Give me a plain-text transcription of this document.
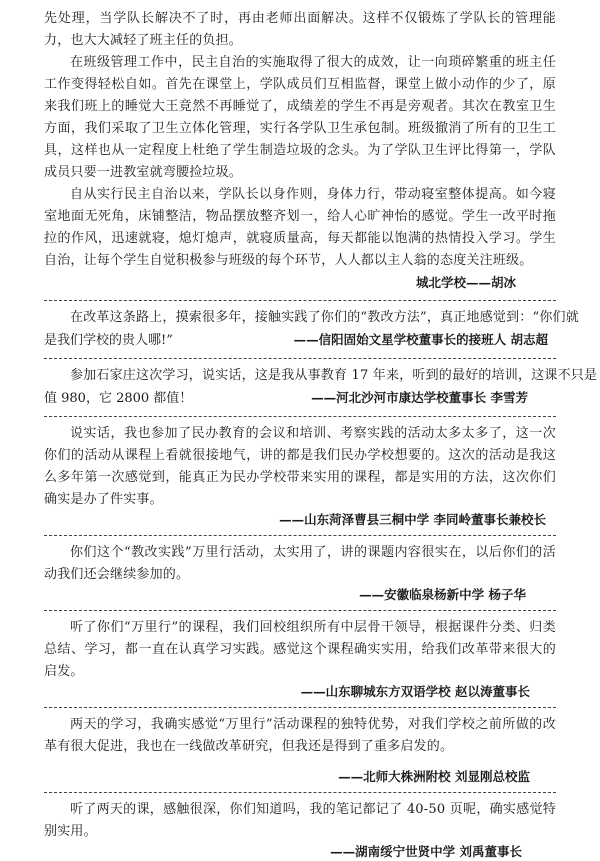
先处理，当学队长解决不了时，再由老师出面解决。这样不仅锻炼了学队长的管理能力，也大大减轻了班主任的负担。

在班级管理工作中，民主自治的实施取得了很大的成效，让一向琐碎繁重的班主任工作变得轻松自如。首先在课堂上，学队成员们互相监督，课堂上做小动作的少了，原来我们班上的睡觉大王竟然不再睡觉了，成绩差的学生不再是旁观者。其次在教室卫生方面，我们采取了卫生立体化管理，实行各学队卫生承包制。班级撤消了所有的卫生工具，这样也从一定程度上杜绝了学生制造垃圾的念头。为了学队卫生评比得第一，学队成员只要一进教室就弯腰捡垃圾。

自从实行民主自治以来，学队长以身作则，身体力行，带动寝室整体提高。如今寝室地面无死角，床铺整洁，物品摆放整齐划一，给人心旷神怡的感觉。学生一改平时拖拉的作风，迅速就寝，熄灯熄声，就寝质量高，每天都能以饱满的热情投入学习。学生自治，让每个学生自觉积极参与班级的每个环节，人人都以主人翁的态度关注班级。

城北学校——胡冰

在改革这条路上，摸索很多年，接触实践了你们的“教改方法”，真正地感觉到：“你们就

是我们学校的贵人哪!”	——信阳固始文星学校董事长的接班人 胡志超

参加石家庄这次学习，说实话，这是我从事教育 17 年来，听到的最好的培训，这课不只是

值 980，它 2800 都值！	——河北沙河市康达学校董事长 李雪芳

说实话，我也参加了民办教育的会议和培训、考察实践的活动太多太多了，这一次你们的活动从课程上看就很接地气，讲的都是我们民办学校想要的。这次的活动是我这么多年第一次感觉到，能真正为民办学校带来实用的课程，都是实用的方法，这次你们确实是办了件实事。

——山东菏泽曹县三桐中学 李同岭董事长兼校长

你们这个“教改实践”万里行活动，太实用了，讲的课题内容很实在，以后你们的活动我们还会继续参加的。

——安徽临泉杨新中学 杨子华

听了你们“万里行”的课程，我们回校组织所有中层骨干领导，根据课件分类、归类总结、学习，都一直在认真学习实践。感觉这个课程确实实用，给我们改革带来很大的启发。

——山东聊城东方双语学校 赵以涛董事长

两天的学习，我确实感觉“万里行”活动课程的独特优势，对我们学校之前所做的改革有很大促进，我也在一线做改革研究，但我还是得到了重多启发的。

——北师大株洲附校 刘显刚总校监

听了两天的课，感触很深，你们知道吗，我的笔记都记了 40-50 页呢，确实感觉特别实用。

——湖南绥宁世贤中学 刘禹董事长
